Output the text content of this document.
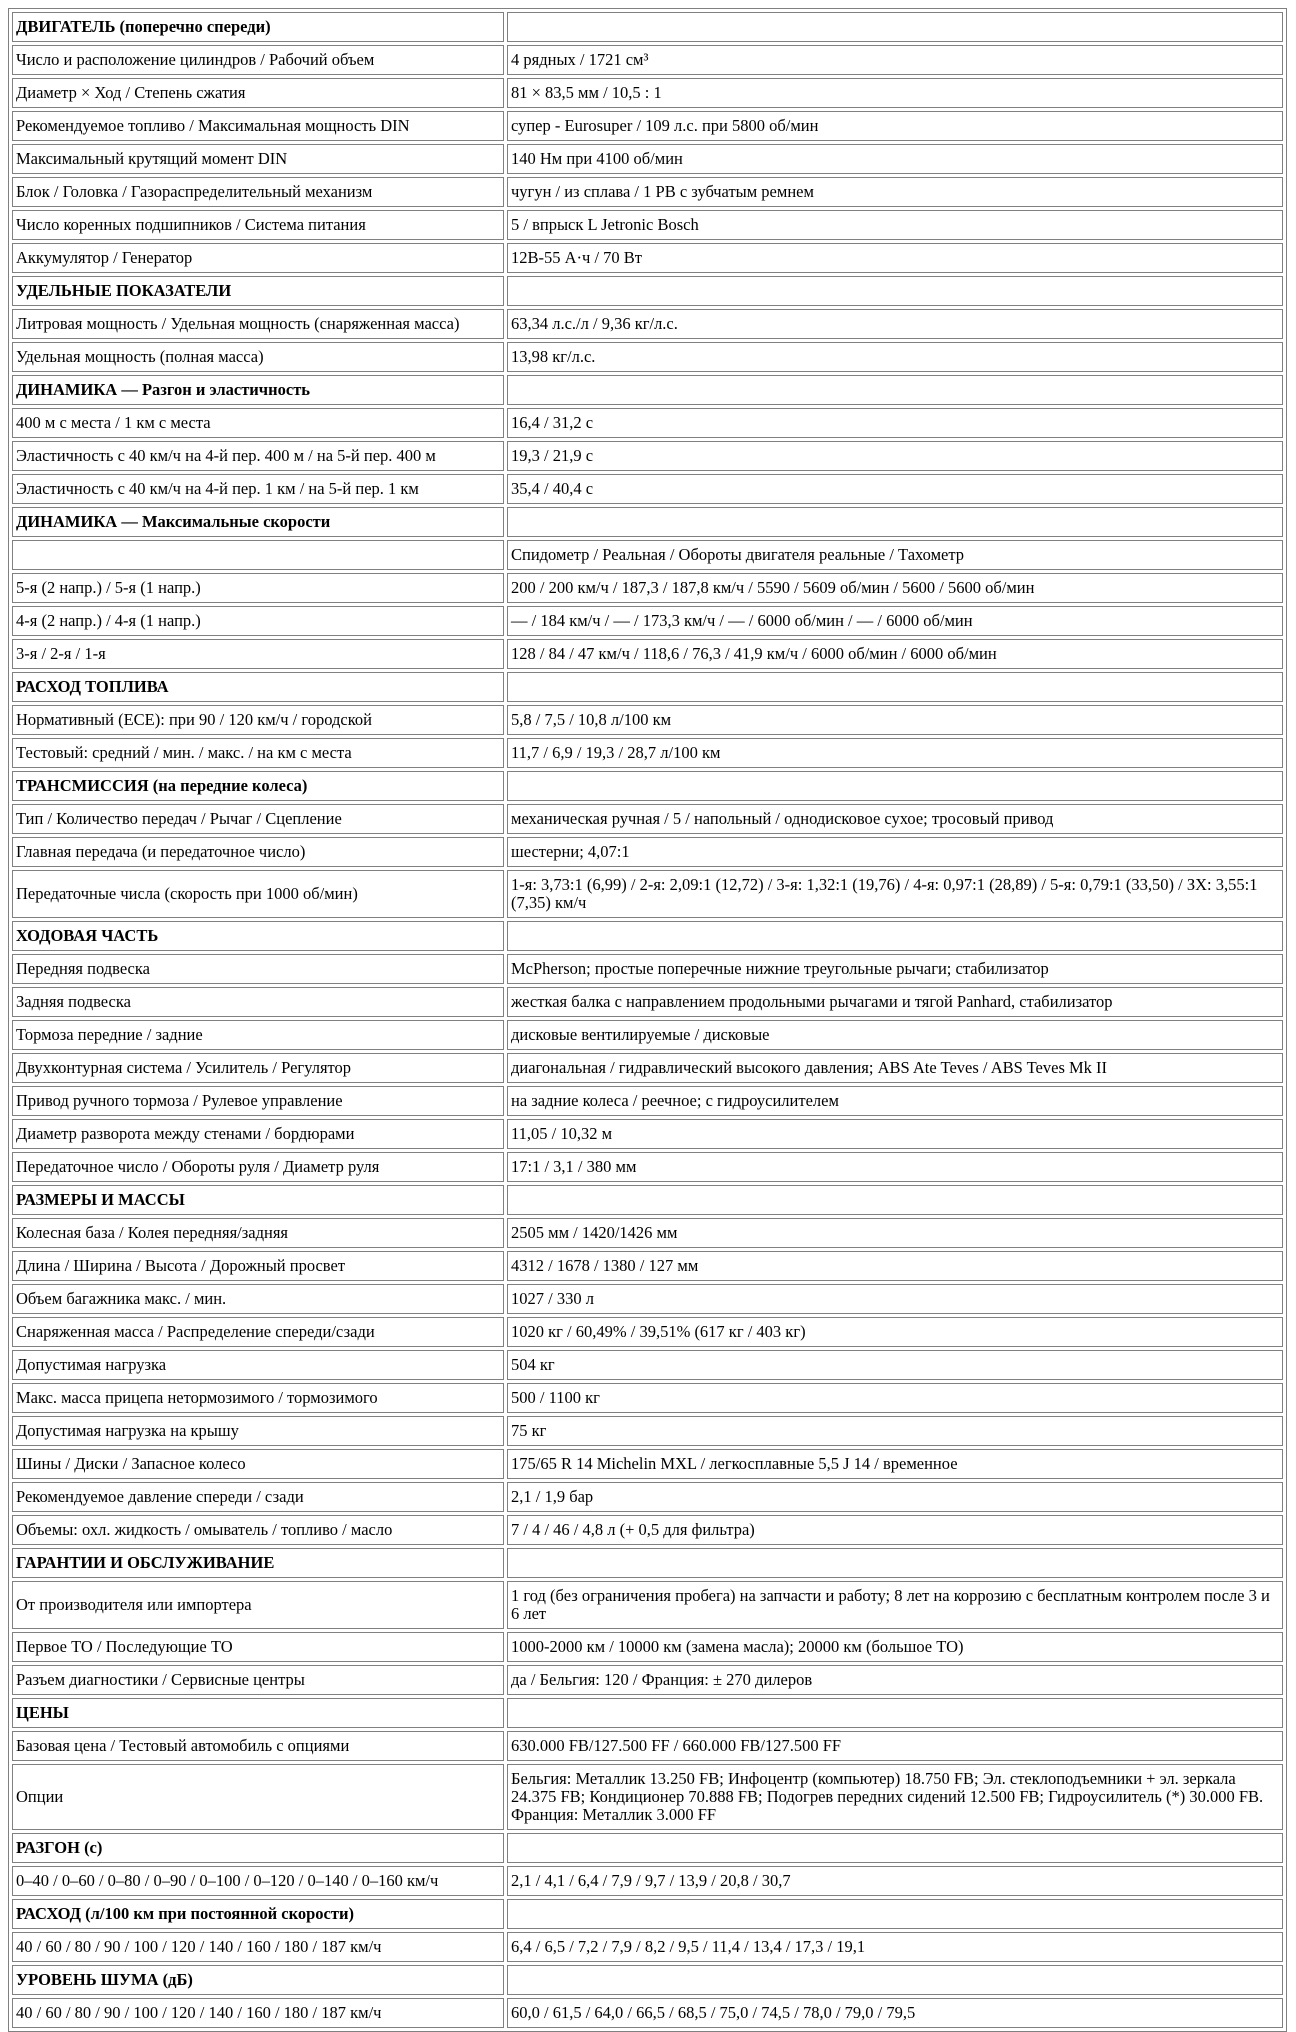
ДВИГАТЕЛЬ (поперечно спереди)	
Число и расположение цилиндров / Рабочий объем	4 рядных / 1721 см³
Диаметр × Ход / Степень сжатия	81 × 83,5 мм / 10,5 : 1
Рекомендуемое топливо / Максимальная мощность DIN	супер - Eurosuper / 109 л.с. при 5800 об/мин
Максимальный крутящий момент DIN	140 Нм при 4100 об/мин
Блок / Головка / Газораспределительный механизм	чугун / из сплава / 1 РВ с зубчатым ремнем
Число коренных подшипников / Система питания	5 / впрыск L Jetronic Bosch
Аккумулятор / Генератор	12В-55 А·ч / 70 Вт
УДЕЛЬНЫЕ ПОКАЗАТЕЛИ	
Литровая мощность / Удельная мощность (снаряженная масса)	63,34 л.с./л / 9,36 кг/л.с.
Удельная мощность (полная масса)	13,98 кг/л.с.
ДИНАМИКА — Разгон и эластичность	
400 м с места / 1 км с места	16,4 / 31,2 с
Эластичность с 40 км/ч на 4-й пер. 400 м / на 5-й пер. 400 м	19,3 / 21,9 с
Эластичность с 40 км/ч на 4-й пер. 1 км / на 5-й пер. 1 км	35,4 / 40,4 с
ДИНАМИКА — Максимальные скорости	
	Спидометр / Реальная / Обороты двигателя реальные / Тахометр
5-я (2 напр.) / 5-я (1 напр.)	200 / 200 км/ч / 187,3 / 187,8 км/ч / 5590 / 5609 об/мин / 5600 / 5600 об/мин
4-я (2 напр.) / 4-я (1 напр.)	— / 184 км/ч / — / 173,3 км/ч / — / 6000 об/мин / — / 6000 об/мин
3-я / 2-я / 1-я	128 / 84 / 47 км/ч / 118,6 / 76,3 / 41,9 км/ч / 6000 об/мин / 6000 об/мин
РАСХОД ТОПЛИВА	
Нормативный (ECE): при 90 / 120 км/ч / городской	5,8 / 7,5 / 10,8 л/100 км
Тестовый: средний / мин. / макс. / на км с места	11,7 / 6,9 / 19,3 / 28,7 л/100 км
ТРАНСМИССИЯ (на передние колеса)	
Тип / Количество передач / Рычаг / Сцепление	механическая ручная / 5 / напольный / однодисковое сухое; тросовый привод
Главная передача (и передаточное число)	шестерни; 4,07:1
Передаточные числа (скорость при 1000 об/мин)	1-я: 3,73:1 (6,99) / 2-я: 2,09:1 (12,72) / 3-я: 1,32:1 (19,76) / 4-я: 0,97:1 (28,89) / 5-я: 0,79:1 (33,50) / ЗХ: 3,55:1 (7,35) км/ч
ХОДОВАЯ ЧАСТЬ	
Передняя подвеска	McPherson; простые поперечные нижние треугольные рычаги; стабилизатор
Задняя подвеска	жесткая балка с направлением продольными рычагами и тягой Panhard, стабилизатор
Тормоза передние / задние	дисковые вентилируемые / дисковые
Двухконтурная система / Усилитель / Регулятор	диагональная / гидравлический высокого давления; ABS Ate Teves / ABS Teves Mk II
Привод ручного тормоза / Рулевое управление	на задние колеса / реечное; с гидроусилителем
Диаметр разворота между стенами / бордюрами	11,05 / 10,32 м
Передаточное число / Обороты руля / Диаметр руля	17:1 / 3,1 / 380 мм
РАЗМЕРЫ И МАССЫ	
Колесная база / Колея передняя/задняя	2505 мм / 1420/1426 мм
Длина / Ширина / Высота / Дорожный просвет	4312 / 1678 / 1380 / 127 мм
Объем багажника макс. / мин.	1027 / 330 л
Снаряженная масса / Распределение спереди/сзади	1020 кг / 60,49% / 39,51% (617 кг / 403 кг)
Допустимая нагрузка	504 кг
Макс. масса прицепа нетормозимого / тормозимого	500 / 1100 кг
Допустимая нагрузка на крышу	75 кг
Шины / Диски / Запасное колесо	175/65 R 14 Michelin MXL / легкосплавные 5,5 J 14 / временное
Рекомендуемое давление спереди / сзади	2,1 / 1,9 бар
Объемы: охл. жидкость / омыватель / топливо / масло	7 / 4 / 46 / 4,8 л (+ 0,5 для фильтра)
ГАРАНТИИ И ОБСЛУЖИВАНИЕ	
От производителя или импортера	1 год (без ограничения пробега) на запчасти и работу; 8 лет на коррозию с бесплатным контролем после 3 и 6 лет
Первое ТО / Последующие ТО	1000-2000 км / 10000 км (замена масла); 20000 км (большое ТО)
Разъем диагностики / Сервисные центры	да / Бельгия: 120 / Франция: ± 270 дилеров
ЦЕНЫ	
Базовая цена / Тестовый автомобиль с опциями	630.000 FB/127.500 FF / 660.000 FB/127.500 FF
Опции	Бельгия: Металлик 13.250 FB; Инфоцентр (компьютер) 18.750 FB; Эл. стеклоподъемники + эл. зеркала 24.375 FB; Кондиционер 70.888 FB; Подогрев передних сидений 12.500 FB; Гидроусилитель (*) 30.000 FB. Франция: Металлик 3.000 FF
РАЗГОН (с)	
0–40 / 0–60 / 0–80 / 0–90 / 0–100 / 0–120 / 0–140 / 0–160 км/ч	2,1 / 4,1 / 6,4 / 7,9 / 9,7 / 13,9 / 20,8 / 30,7
РАСХОД (л/100 км при постоянной скорости)	
40 / 60 / 80 / 90 / 100 / 120 / 140 / 160 / 180 / 187 км/ч	6,4 / 6,5 / 7,2 / 7,9 / 8,2 / 9,5 / 11,4 / 13,4 / 17,3 / 19,1
УРОВЕНЬ ШУМА (дБ)	
40 / 60 / 80 / 90 / 100 / 120 / 140 / 160 / 180 / 187 км/ч	60,0 / 61,5 / 64,0 / 66,5 / 68,5 / 75,0 / 74,5 / 78,0 / 79,0 / 79,5
